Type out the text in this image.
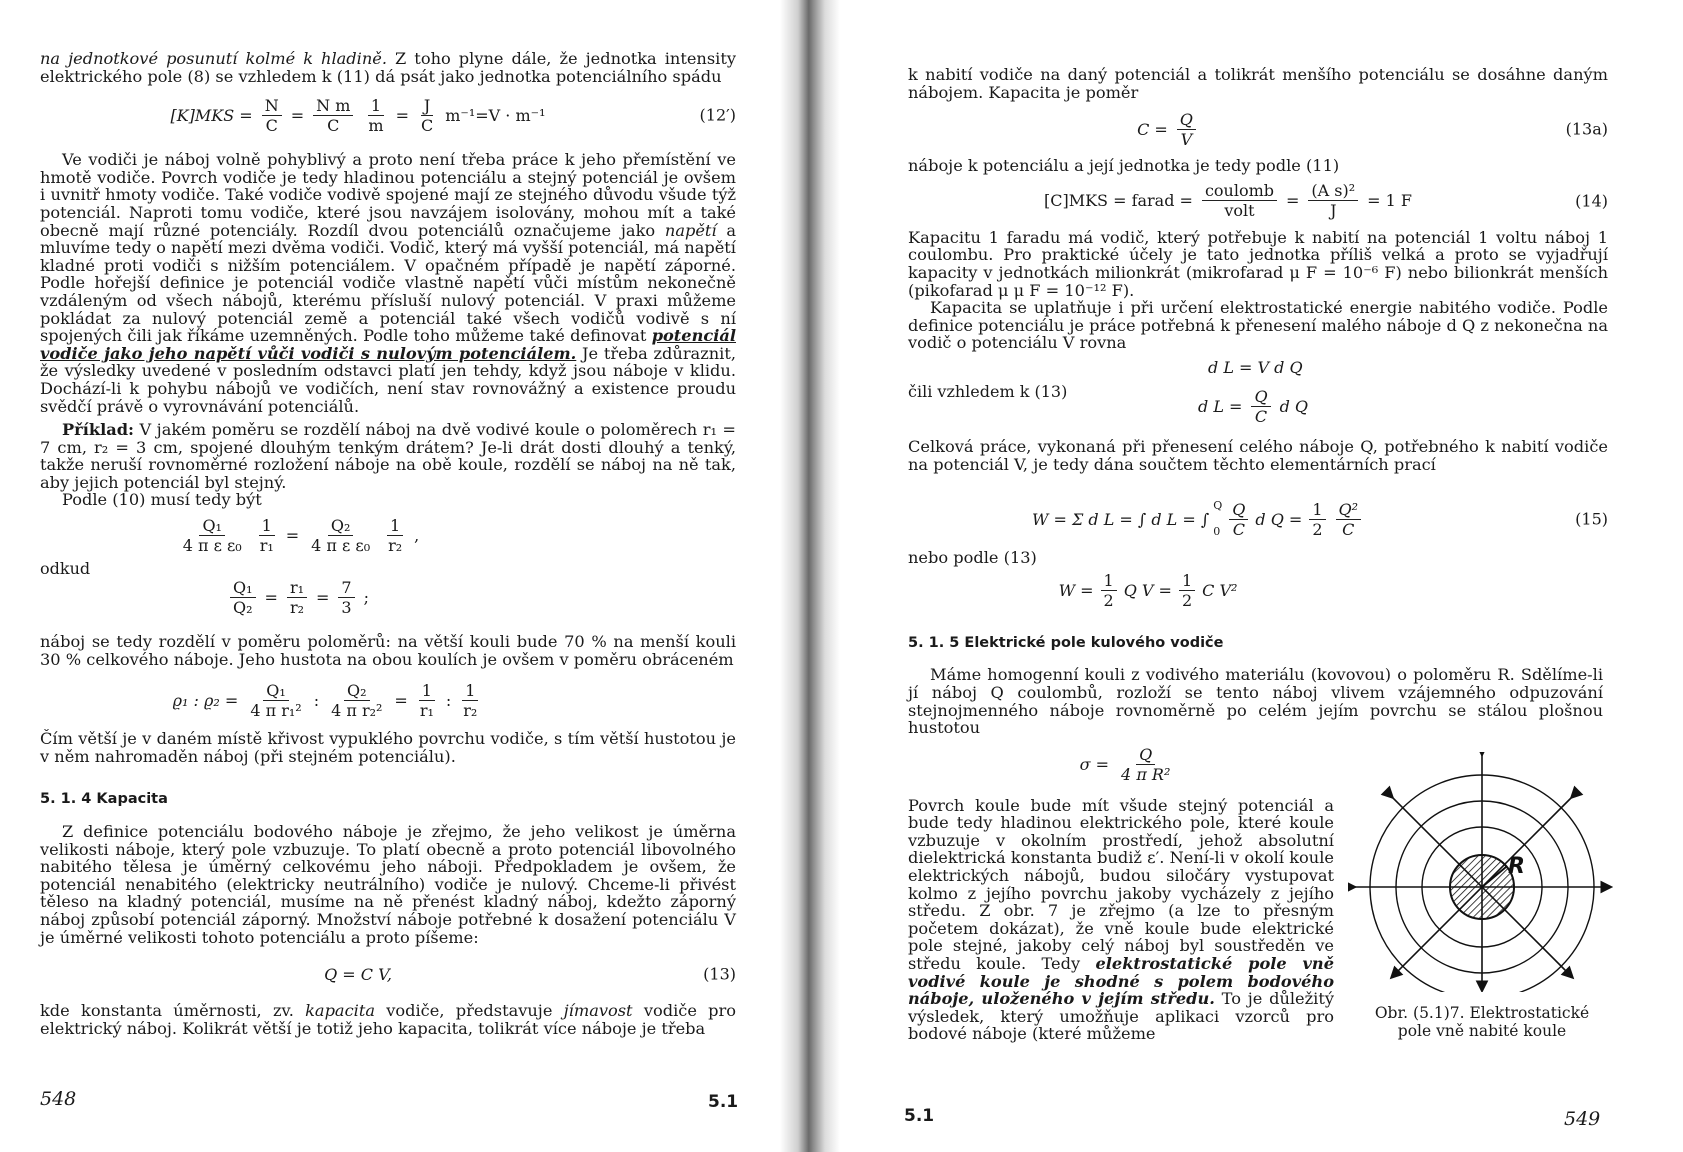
na jednotkové posunutí kolmé k hladině. Z toho plyne dále, že jednotka intensity elektrického pole (8) se vzhledem k (11) dá psát jako jednotka potenciálního spádu

$[K]MKS = \frac{N}{C} = \frac{\text{N m}}{C} \frac{1}{m} = \frac{J}{C} m^{-1}=V \cdot m^{-1}$	(12′)

Ve vodiči je náboj volně pohyblivý a proto není třeba práce k jeho přemístění ve hmotě vodiče. Povrch vodiče je tedy hladinou potenciálu a stejný potenciál je ovšem i uvnitř hmoty vodiče. Také vodiče vodivě spojené mají ze stejného důvodu všude týž potenciál. Naproti tomu vodiče, které jsou navzájem isolovány, mohou mít a také obecně mají různé potenciály. Rozdíl dvou potenciálů označujeme jako napětí a mluvíme tedy o napětí mezi dvěma vodiči. Vodič, který má vyšší potenciál, má napětí kladné proti vodiči s nižším potenciálem. V opačném případě je napětí záporné. Podle hořejší definice je potenciál vodiče vlastně napětí vůči místům nekonečně vzdáleným od všech nábojů, kterému přísluší nulový potenciál. V praxi můžeme pokládat za nulový potenciál země a potenciál také všech vodičů vodivě s ní spojených čili jak říkáme uzemněných. Podle toho můžeme také definovat potenciál vodiče jako jeho napětí vůči vodiči s nulovým potenciálem. Je třeba zdůraznit, že výsledky uvedené v posledním odstavci platí jen tehdy, když jsou náboje v klidu. Dochází-li k pohybu nábojů ve vodičích, není stav rovnovážný a existence proudu svědčí právě o vyrovnávání potenciálů.

Příklad: V jakém poměru se rozdělí náboj na dvě vodivé koule o poloměrech r₁ = 7 cm, r₂ = 3 cm, spojené dlouhým tenkým drátem? Je-li drát dosti dlouhý a tenký, takže neruší rovnoměrné rozložení náboje na obě koule, rozdělí se náboj na ně tak, aby jejich potenciál byl stejný.

Podle (10) musí tedy být

$\frac{\text{Q₁}}{\text{4 π ε ε₀}} \frac{1}{\text{r₁}} = \frac{\text{Q₂}}{\text{4 π ε ε₀}} \frac{1}{\text{r₂}}$ ,
odkud
$\frac{\text{Q₁}}{\text{Q₂}} = \frac{\text{r₁}}{\text{r₂}} = \frac{7}{3}$ ;

náboj se tedy rozdělí v poměru poloměrů: na větší kouli bude 70 % na menší kouli 30 % celkového náboje. Jeho hustota na obou koulích je ovšem v poměru obráceném

ϱ₁ : $ϱ_2 = \frac{\text{Q₁}}{\text{4 π r₁²}}$ : $\frac{\text{Q₂}}{\text{4 π r₂²}} = \frac{1}{\text{r₁}}$ : $\frac{1}{\text{r₂}}$

Čím větší je v daném místě křivost vypuklého povrchu vodiče, s tím větší hustotou je v něm nahromaděn náboj (při stejném potenciálu).

5. 1. 4 Kapacita

Z definice potenciálu bodového náboje je zřejmo, že jeho velikost je úměrna velikosti náboje, který pole vzbuzuje. To platí obecně a proto potenciál libovolného nabitého tělesa je úměrný celkovému jeho náboji. Předpokladem je ovšem, že potenciál nenabitého (elektricky neutrálního) vodiče je nulový. Chceme-li přivést těleso na kladný potenciál, musíme na ně přenést kladný náboj, kdežto záporný náboj způsobí potenciál záporný. Množství náboje potřebné k dosažení potenciálu V je úměrné velikosti tohoto potenciálu a proto píšeme:

Q = C V,	(13)

kde konstanta úměrnosti, zv. kapacita vodiče, představuje jímavost vodiče pro elektrický náboj. Kolikrát větší je totiž jeho kapacita, tolikrát více náboje je třeba

548	5.1

k nabití vodiče na daný potenciál a tolikrát menšího potenciálu se dosáhne daným nábojem. Kapacita je poměr

$C = \frac{Q}{V}$	(13a)

náboje k potenciálu a její jednotka je tedy podle (11)

[C]MKS = farad = $\frac{\text{coulomb}}{\text{volt}} = \frac{\text{(A s)²}}{J} = 1$ F	(14)

Kapacitu 1 faradu má vodič, který potřebuje k nabití na potenciál 1 voltu náboj 1 coulombu. Pro praktické účely je tato jednotka příliš velká a proto se vyjadřují kapacity v jednotkách milionkrát (mikrofarad μ F = 10⁻⁶ F) nebo bilionkrát menších (pikofarad μ μ F = 10⁻¹² F).

Kapacita se uplatňuje i při určení elektrostatické energie nabitého vodiče. Podle definice potenciálu je práce potřebná k přenesení malého náboje d Q z nekonečna na vodič o potenciálu V rovna

d L = V d Q
čili vzhledem k (13)
d $L = \frac{Q}{C}$ d Q

Celková práce, vykonaná při přenesení celého náboje Q, potřebného k nabití vodiče na potenciál V, je tedy dána součtem těchto elementárních prací

W = Σ d L = ∫ d L = ∫
Q
$0 \frac{Q}{C}$ d $Q = \frac{1}{2} \frac{\text{Q²}}{C}$	(15)

nebo podle (13)

$W = \frac{1}{2}$ Q $V = \frac{1}{2}$ C V²

5. 1. 5 Elektrické pole kulového vodiče

Máme homogenní kouli z vodivého materiálu (kovovou) o poloměru R. Sdělíme-li jí náboj Q coulombů, rozloží se tento náboj vlivem vzájemného odpuzování stejnojmenného náboje rovnoměrně po celém jejím povrchu se stálou plošnou hustotou

$\sigma = \frac{Q}{\text{4 π R²}}$

Povrch koule bude mít všude stejný potenciál a bude tedy hladinou elektrického pole, které koule vzbuzuje v okolním prostředí, jehož absolutní dielektrická konstanta budiž ε′. Není-li v okolí koule elektrických nábojů, budou siločáry vystupovat kolmo z jejího povrchu jakoby vycházely z jejího středu. Z obr. 7 je zřejmo (a lze to přesným početem dokázat), že vně koule bude elektrické pole stejné, jakoby celý náboj byl soustředěn ve středu koule. Tedy elektrostatické pole vně vodivé koule je shodné s polem bodového náboje, uloženého v jejím středu. To je důležitý výsledek, který umožňuje aplikaci vzorců pro bodové náboje (které můžeme

R
Obr. (5.1)7. Elektrostatické
pole vně nabité koule
5.1	549
